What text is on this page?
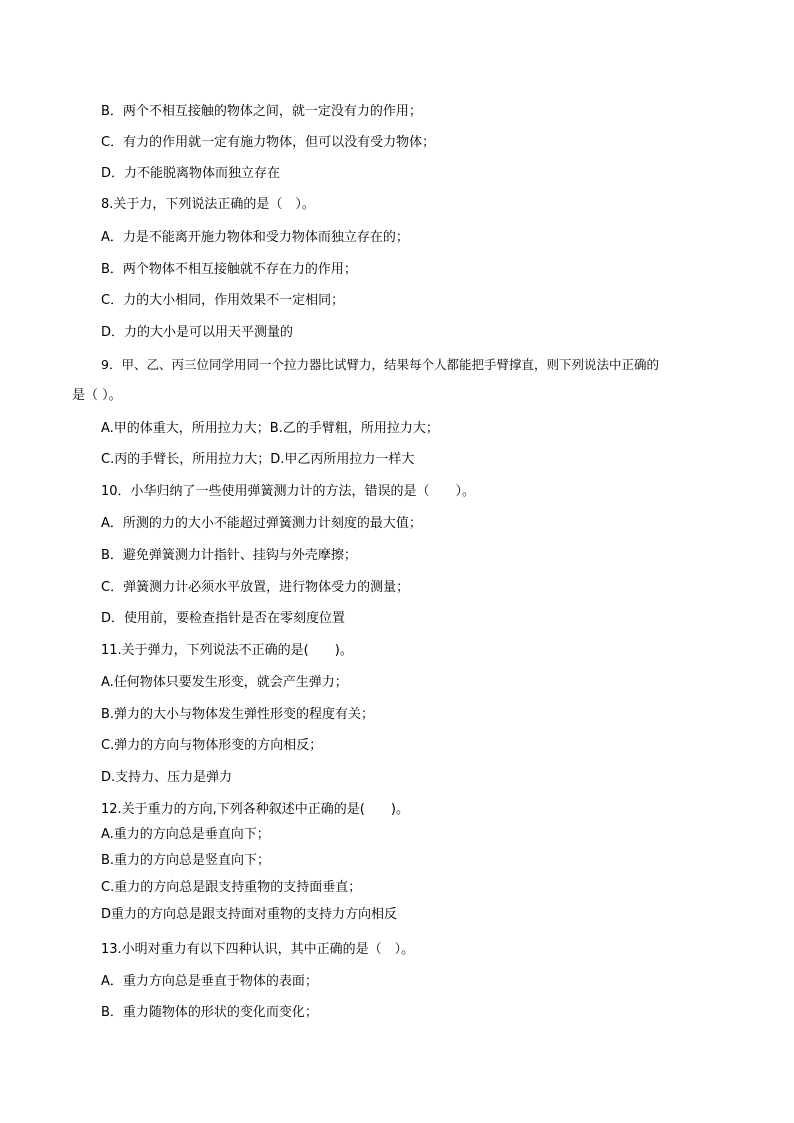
B．两个不相互接触的物体之间，就一定没有力的作用；
C．有力的作用就一定有施力物体，但可以没有受力物体；
D．力不能脱离物体而独立存在
8.关于力，下列说法正确的是（　）。
A．力是不能离开施力物体和受力物体而独立存在的；
B．两个物体不相互接触就不存在力的作用；
C．力的大小相同，作用效果不一定相同；
D．力的大小是可以用天平测量的
9．甲、乙、丙三位同学用同一个拉力器比试臂力，结果每个人都能把手臂撑直，则下列说法中正确的
是（ ）。
A.甲的体重大，所用拉力大；B.乙的手臂粗，所用拉力大；
C.丙的手臂长，所用拉力大；D.甲乙丙所用拉力一样大
10．小华归纳了一些使用弹簧测力计的方法，错误的是（　　）。
A．所测的力的大小不能超过弹簧测力计刻度的最大值；
B．避免弹簧测力计指针、挂钩与外壳摩擦；
C．弹簧测力计必须水平放置，进行物体受力的测量；
D．使用前，要检查指针是否在零刻度位置
11.关于弹力，下列说法不正确的是(　　)。
A.任何物体只要发生形变，就会产生弹力；
B.弹力的大小与物体发生弹性形变的程度有关；
C.弹力的方向与物体形变的方向相反；
D.支持力、压力是弹力
12.关于重力的方向,下列各种叙述中正确的是(　　)。
A.重力的方向总是垂直向下；
B.重力的方向总是竖直向下；
C.重力的方向总是跟支持重物的支持面垂直；
D重力的方向总是跟支持面对重物的支持力方向相反
13.小明对重力有以下四种认识，其中正确的是（　）。
A．重力方向总是垂直于物体的表面；
B．重力随物体的形状的变化而变化；
